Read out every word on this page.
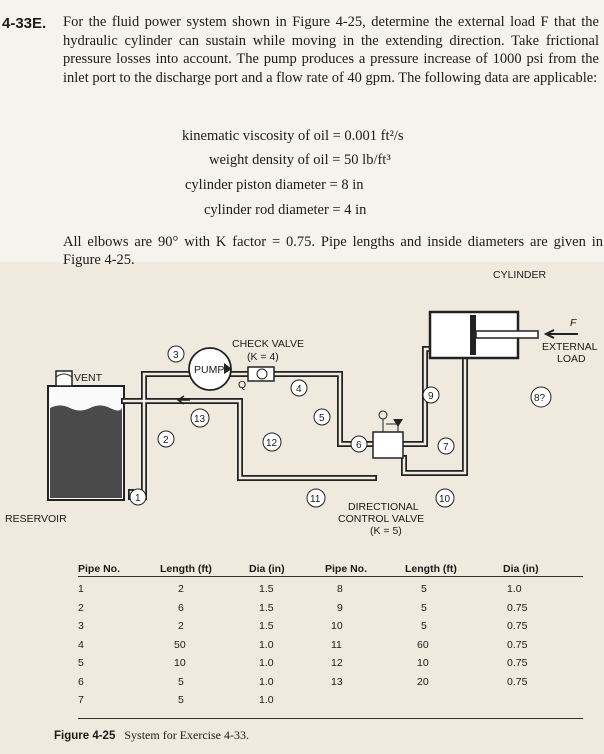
4-33E. For the fluid power system shown in Figure 4-25, determine the external load F that the hydraulic cylinder can sustain while moving in the extending direction. Take frictional pressure losses into account. The pump produces a pressure increase of 1000 psi from the inlet port to the discharge port and a flow rate of 40 gpm. The following data are applicable:
kinematic viscosity of oil = 0.001 ft²/s
weight density of oil = 50 lb/ft³
cylinder piston diameter = 8 in
cylinder rod diameter = 4 in
All elbows are 90° with K factor = 0.75. Pipe lengths and inside diameters are given in Figure 4-25.
VENT
RESERVOIR
PUMP
Q
CHECK VALVE
(K = 4)
DIRECTIONAL
CONTROL VALVE
(K = 5)
CYLINDER
F
EXTERNAL
LOAD
1
2
3
4
5
6	7
9
10
11
12
13
8?
Pipe No.	Length (ft)	Dia (in)
1	2	1.5
2	6	1.5
3	2	1.5
4	50	1.0
5	10	1.0
6	5	1.0
7	5	1.0
Pipe No.	Length (ft)	Dia (in)
8	5	1.0
9	5	0.75
10	5	0.75
11	60	0.75
12	10	0.75
13	20	0.75
Figure 4-25 System for Exercise 4-33.
